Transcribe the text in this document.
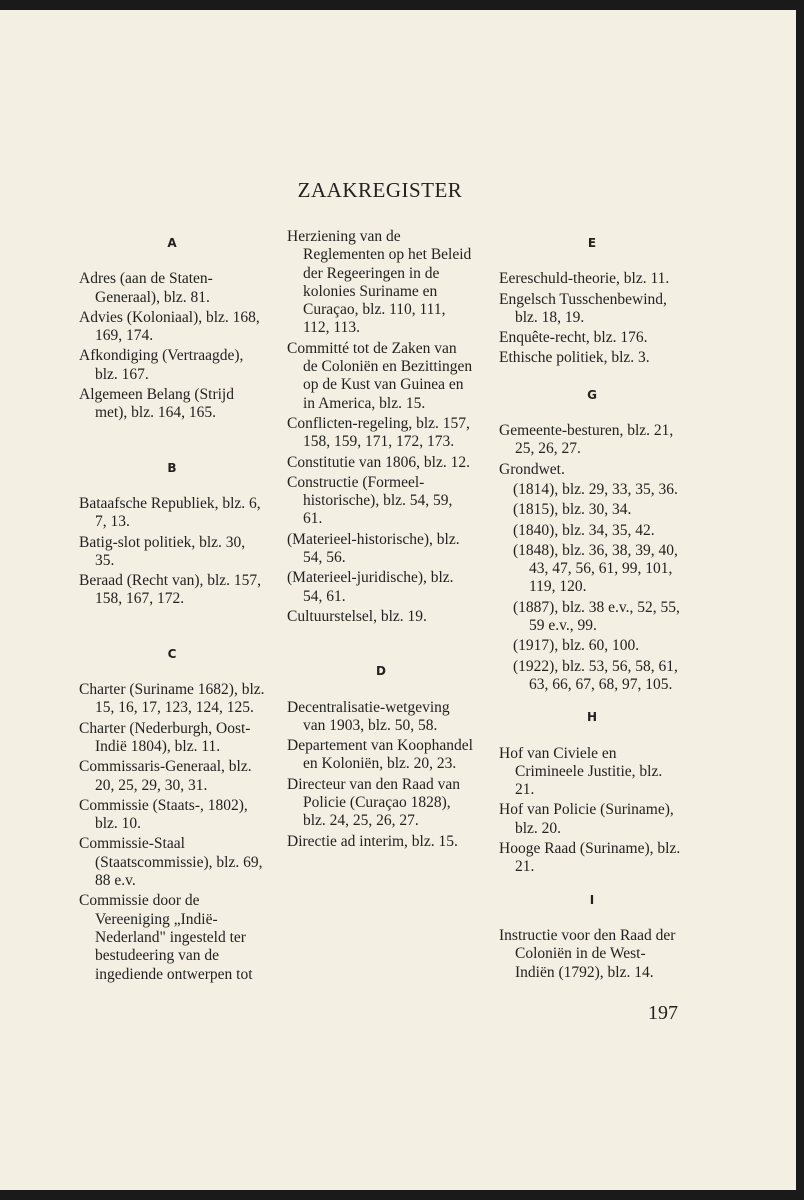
ZAAKREGISTER
A
Adres (aan de Staten-Generaal), blz. 81.
Advies (Koloniaal), blz. 168, 169, 174.
Afkondiging (Vertraagde), blz. 167.
Algemeen Belang (Strijd met), blz. 164, 165.
B
Bataafsche Republiek, blz. 6, 7, 13.
Batig-slot politiek, blz. 30, 35.
Beraad (Recht van), blz. 157, 158, 167, 172.
C
Charter (Suriname 1682), blz. 15, 16, 17, 123, 124, 125.
Charter (Nederburgh, Oost-Indië 1804), blz. 11.
Commissaris-Generaal, blz. 20, 25, 29, 30, 31.
Commissie (Staats-, 1802), blz. 10.
Commissie-Staal (Staatscommissie), blz. 69, 88 e.v.
Commissie door de Vereeniging „Indië-Nederland" ingesteld ter bestudeering van de ingediende ontwerpen tot
Herziening van de Reglementen op het Beleid der Regeeringen in de kolonies Suriname en Curaçao, blz. 110, 111, 112, 113.
Committé tot de Zaken van de Coloniën en Bezittingen op de Kust van Guinea en in America, blz. 15.
Conflicten-regeling, blz. 157, 158, 159, 171, 172, 173.
Constitutie van 1806, blz. 12.
Constructie (Formeel-historische), blz. 54, 59, 61.
(Materieel-historische), blz. 54, 56.
(Materieel-juridische), blz. 54, 61.
Cultuurstelsel, blz. 19.
D
Decentralisatie-wetgeving van 1903, blz. 50, 58.
Departement van Koophandel en Koloniën, blz. 20, 23.
Directeur van den Raad van Policie (Curaçao 1828), blz. 24, 25, 26, 27.
Directie ad interim, blz. 15.
E
Eereschuld-theorie, blz. 11.
Engelsch Tusschenbewind, blz. 18, 19.
Enquête-recht, blz. 176.
Ethische politiek, blz. 3.
G
Gemeente-besturen, blz. 21, 25, 26, 27.
Grondwet.
(1814), blz. 29, 33, 35, 36.
(1815), blz. 30, 34.
(1840), blz. 34, 35, 42.
(1848), blz. 36, 38, 39, 40, 43, 47, 56, 61, 99, 101, 119, 120.
(1887), blz. 38 e.v., 52, 55, 59 e.v., 99.
(1917), blz. 60, 100.
(1922), blz. 53, 56, 58, 61, 63, 66, 67, 68, 97, 105.
H
Hof van Civiele en Crimineele Justitie, blz. 21.
Hof van Policie (Suriname), blz. 20.
Hooge Raad (Suriname), blz. 21.
I
Instructie voor den Raad der Coloniën in de West-Indiën (1792), blz. 14.
197
